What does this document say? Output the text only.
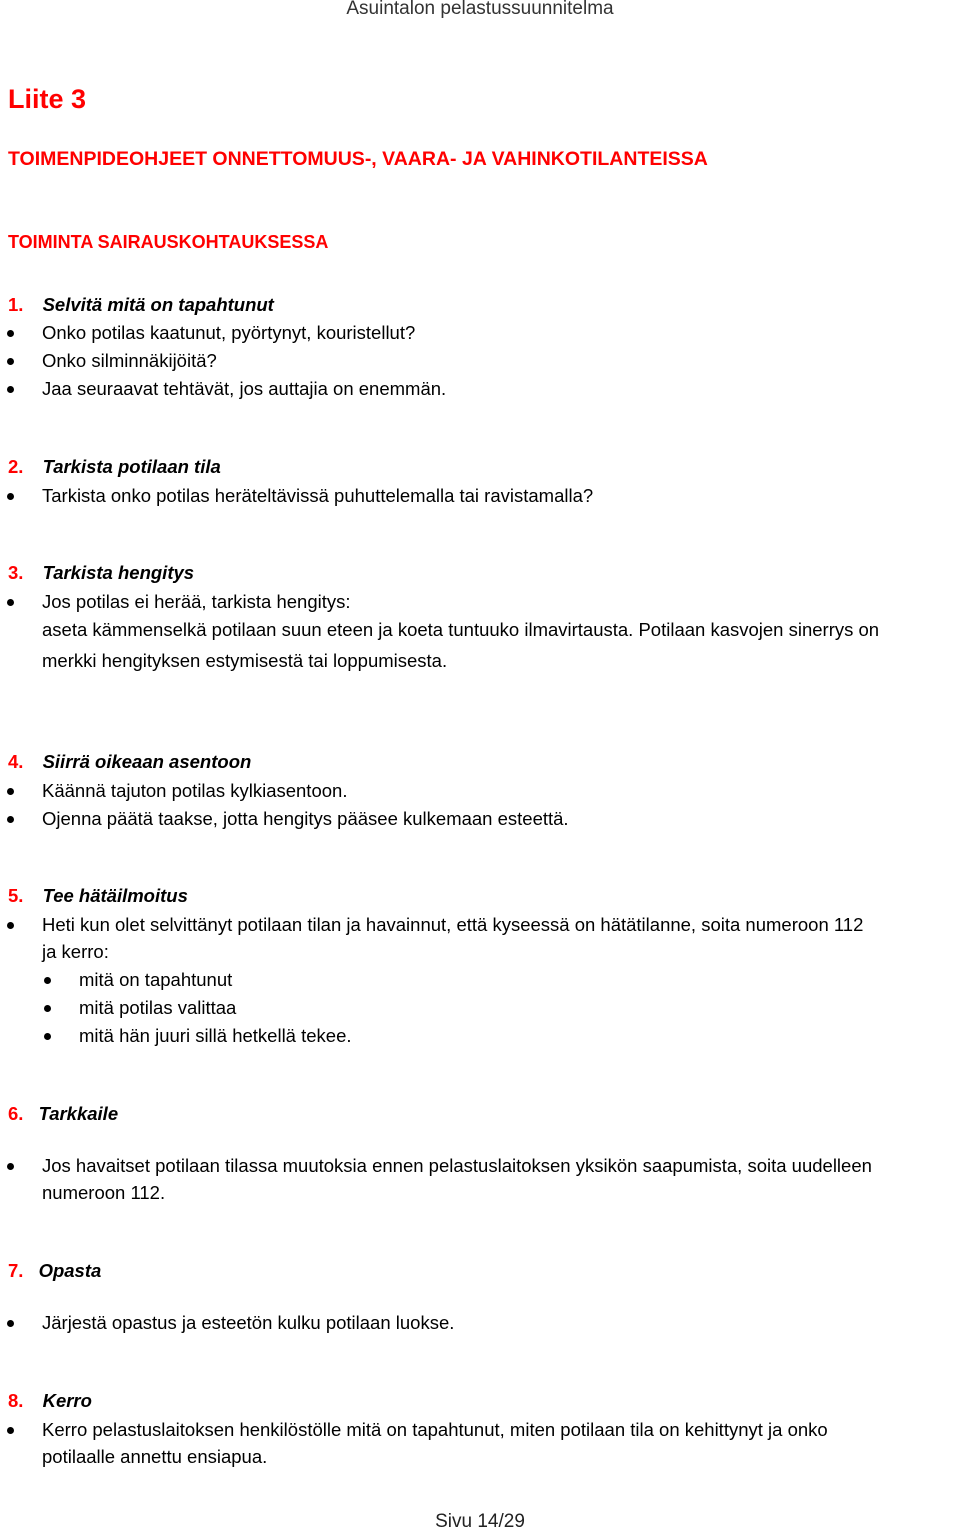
Asuintalon pelastussuunnitelma
Liite 3
TOIMENPIDEOHJEET ONNETTOMUUS-, VAARA- JA VAHINKOTILANTEISSA
TOIMINTA SAIRAUSKOHTAUKSESSA
1. Selvitä mitä on tapahtunut
Onko potilas kaatunut, pyörtynyt, kouristellut?
Onko silminnäkijöitä?
Jaa seuraavat tehtävät, jos auttajia on enemmän.
2. Tarkista potilaan tila
Tarkista onko potilas heräteltävissä puhuttelemalla tai ravistamalla?
3. Tarkista hengitys
Jos potilas ei herää, tarkista hengitys:
aseta kämmenselkä potilaan suun eteen ja koeta tuntuuko ilmavirtausta. Potilaan kasvojen sinerrys on
merkki hengityksen estymisestä tai loppumisesta.
4. Siirrä oikeaan asentoon
Käännä tajuton potilas kylkiasentoon.
Ojenna päätä taakse, jotta hengitys pääsee kulkemaan esteettä.
5. Tee hätäilmoitus
Heti kun olet selvittänyt potilaan tilan ja havainnut, että kyseessä on hätätilanne, soita numeroon 112
ja kerro:
mitä on tapahtunut
mitä potilas valittaa
mitä hän juuri sillä hetkellä tekee.
6. Tarkkaile
Jos havaitset potilaan tilassa muutoksia ennen pelastuslaitoksen yksikön saapumista, soita uudelleen
numeroon 112.
7. Opasta
Järjestä opastus ja esteetön kulku potilaan luokse.
8. Kerro
Kerro pelastuslaitoksen henkilöstölle mitä on tapahtunut, miten potilaan tila on kehittynyt ja onko
potilaalle annettu ensiapua.
Sivu 14/29
